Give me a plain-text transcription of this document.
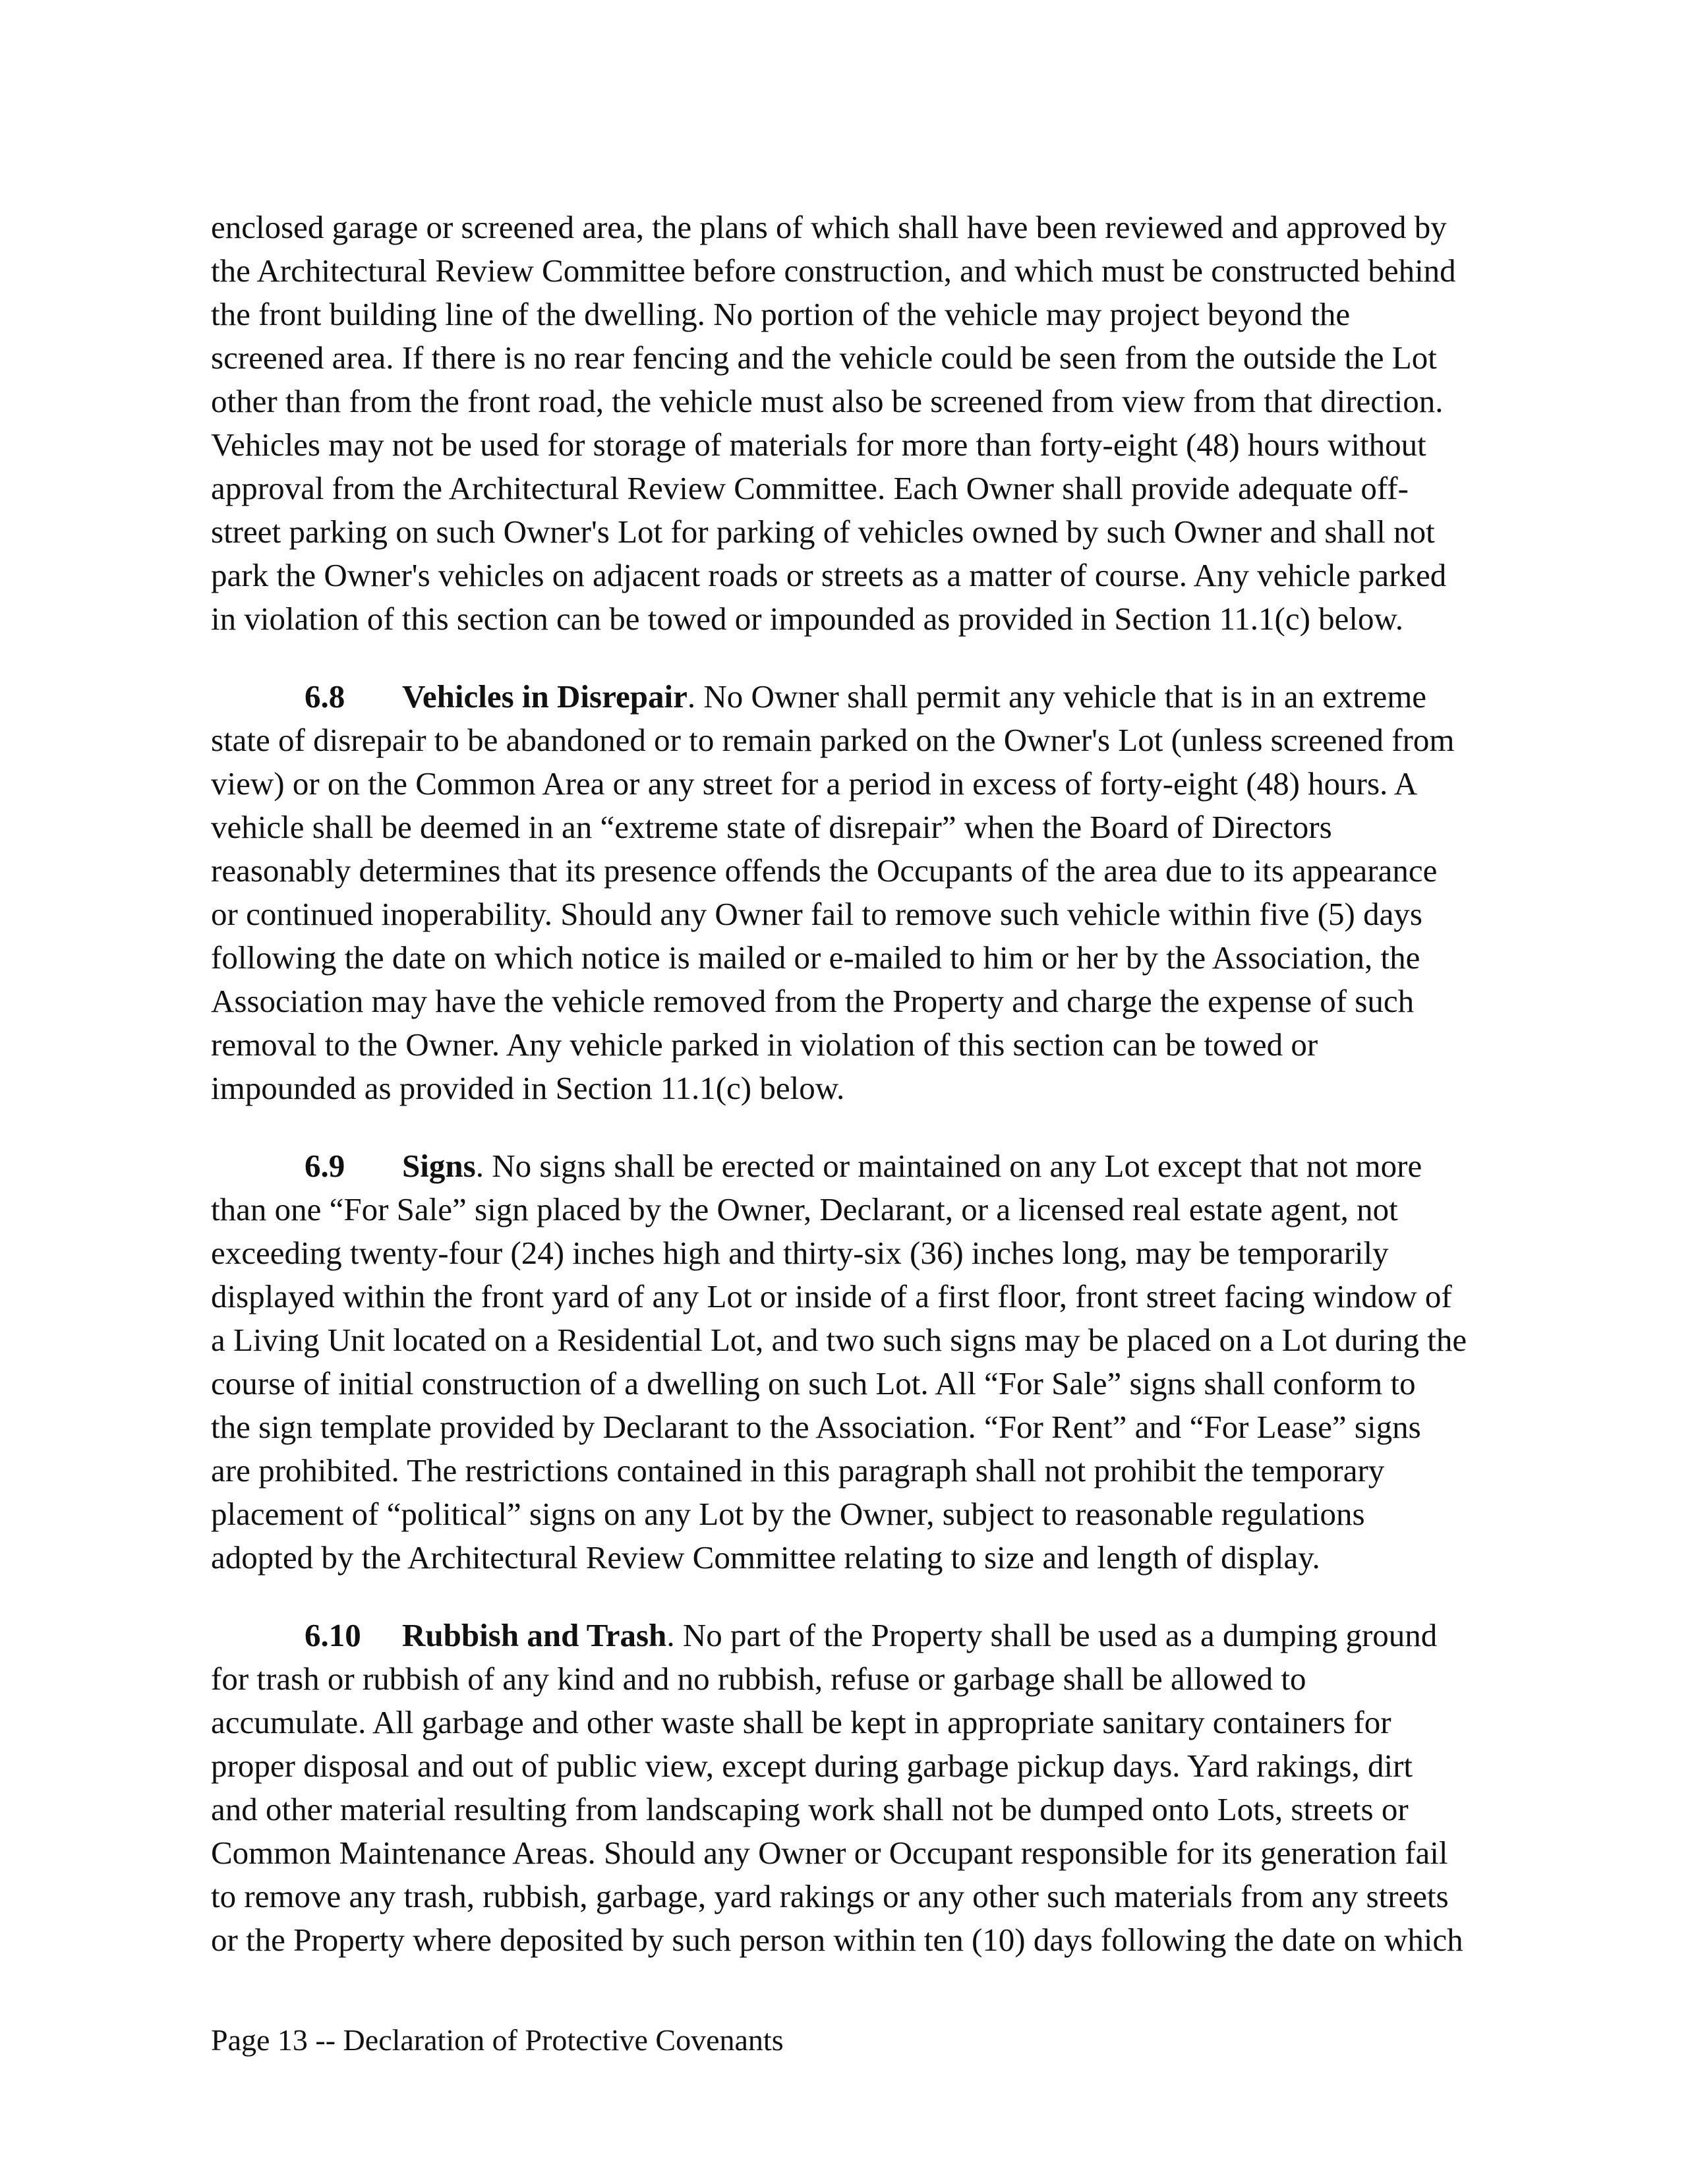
enclosed garage or screened area, the plans of which shall have been reviewed and approved by
the Architectural Review Committee before construction, and which must be constructed behind
the front building line of the dwelling. No portion of the vehicle may project beyond the
screened area. If there is no rear fencing and the vehicle could be seen from the outside the Lot
other than from the front road, the vehicle must also be screened from view from that direction.
Vehicles may not be used for storage of materials for more than forty-eight (48) hours without
approval from the Architectural Review Committee. Each Owner shall provide adequate off-
street parking on such Owner's Lot for parking of vehicles owned by such Owner and shall not
park the Owner's vehicles on adjacent roads or streets as a matter of course. Any vehicle parked
in violation of this section can be towed or impounded as provided in Section 11.1(c) below.
6.8 Vehicles in Disrepair. No Owner shall permit any vehicle that is in an extreme
state of disrepair to be abandoned or to remain parked on the Owner's Lot (unless screened from
view) or on the Common Area or any street for a period in excess of forty-eight (48) hours. A
vehicle shall be deemed in an “extreme state of disrepair” when the Board of Directors
reasonably determines that its presence offends the Occupants of the area due to its appearance
or continued inoperability. Should any Owner fail to remove such vehicle within five (5) days
following the date on which notice is mailed or e-mailed to him or her by the Association, the
Association may have the vehicle removed from the Property and charge the expense of such
removal to the Owner. Any vehicle parked in violation of this section can be towed or
impounded as provided in Section 11.1(c) below.
6.9 Signs. No signs shall be erected or maintained on any Lot except that not more
than one “For Sale” sign placed by the Owner, Declarant, or a licensed real estate agent, not
exceeding twenty-four (24) inches high and thirty-six (36) inches long, may be temporarily
displayed within the front yard of any Lot or inside of a first floor, front street facing window of
a Living Unit located on a Residential Lot, and two such signs may be placed on a Lot during the
course of initial construction of a dwelling on such Lot. All “For Sale” signs shall conform to
the sign template provided by Declarant to the Association. “For Rent” and “For Lease” signs
are prohibited. The restrictions contained in this paragraph shall not prohibit the temporary
placement of “political” signs on any Lot by the Owner, subject to reasonable regulations
adopted by the Architectural Review Committee relating to size and length of display.
6.10 Rubbish and Trash. No part of the Property shall be used as a dumping ground
for trash or rubbish of any kind and no rubbish, refuse or garbage shall be allowed to
accumulate. All garbage and other waste shall be kept in appropriate sanitary containers for
proper disposal and out of public view, except during garbage pickup days. Yard rakings, dirt
and other material resulting from landscaping work shall not be dumped onto Lots, streets or
Common Maintenance Areas. Should any Owner or Occupant responsible for its generation fail
to remove any trash, rubbish, garbage, yard rakings or any other such materials from any streets
or the Property where deposited by such person within ten (10) days following the date on which
Page 13 -- Declaration of Protective Covenants
